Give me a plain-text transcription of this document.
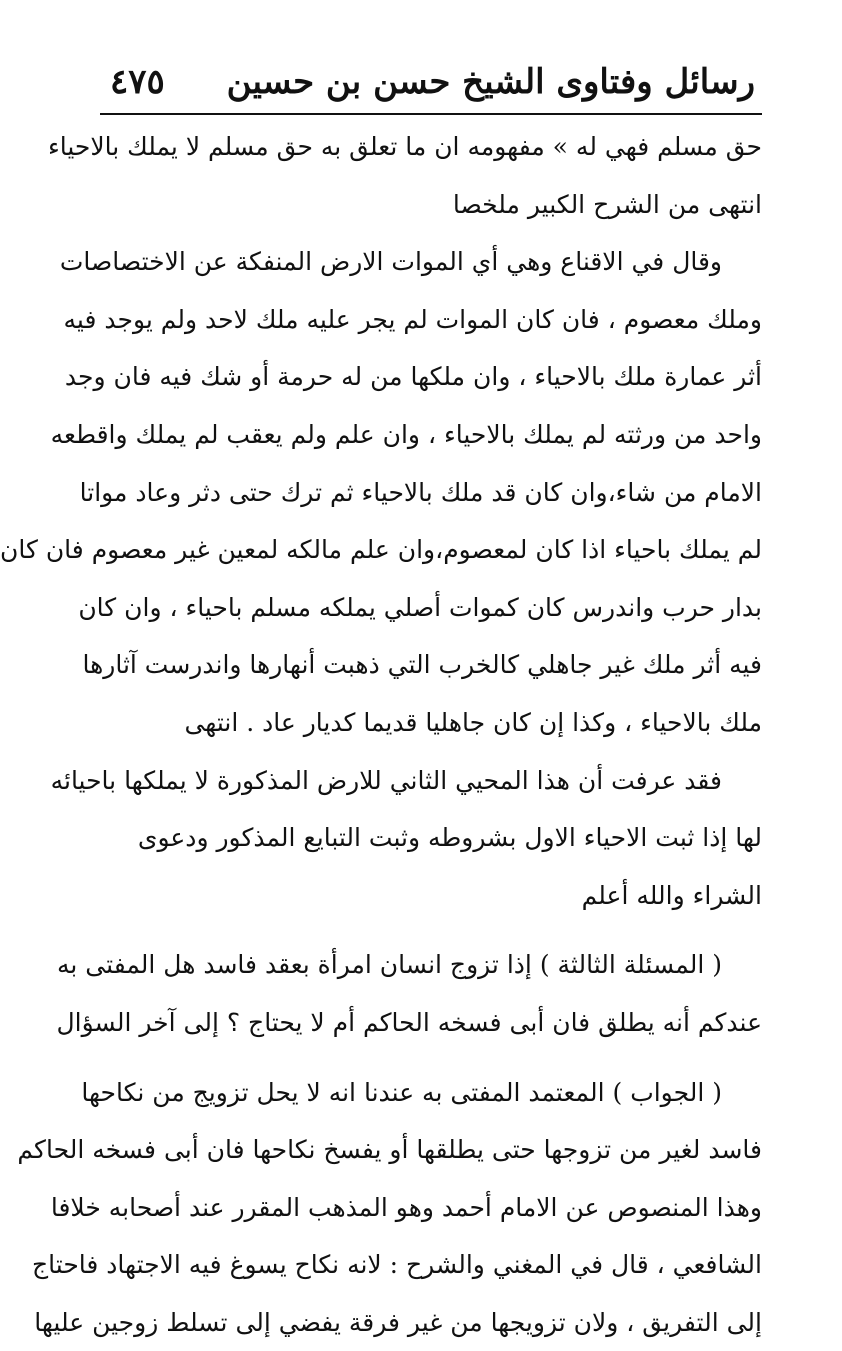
رسائل وفتاوى الشيخ حسن بن حسين
٤٧٥
حق مسلم فهي له » مفهومه ان ما تعلق به حق مسلم لا يملك بالاحياء
انتهى من الشرح الكبير ملخصا
وقال في الاقناع وهي أي الموات الارض المنفكة عن الاختصاصات
وملك معصوم ، فان كان الموات لم يجر عليه ملك لاحد ولم يوجد فيه
أثر عمارة ملك بالاحياء ، وان ملكها من له حرمة أو شك فيه فان وجد
واحد من ورثته لم يملك بالاحياء ، وان علم ولم يعقب لم يملك واقطعه
الامام من شاء،وان كان قد ملك بالاحياء ثم ترك حتى دثر وعاد مواتا
لم يملك باحياء اذا كان لمعصوم،وان علم مالكه لمعين غير معصوم فان كان
بدار حرب واندرس كان كموات أصلي يملكه مسلم باحياء ، وان كان
فيه أثر ملك غير جاهلي كالخرب التي ذهبت أنهارها واندرست آثارها
ملك بالاحياء ، وكذا إن كان جاهليا قديما كديار عاد . انتهى
فقد عرفت أن هذا المحيي الثاني للارض المذكورة لا يملكها باحيائه
لها إذا ثبت الاحياء الاول بشروطه وثبت التبايع المذكور ودعوى
الشراء والله أعلم
( المسئلة الثالثة ) إذا تزوج انسان امرأة بعقد فاسد هل المفتى به
عندكم أنه يطلق فان أبى فسخه الحاكم أم لا يحتاج ؟ إلى آخر السؤال
( الجواب ) المعتمد المفتى به عندنا انه لا يحل تزويج من نكاحها
فاسد لغير من تزوجها حتى يطلقها أو يفسخ نكاحها فان أبى فسخه الحاكم
وهذا المنصوص عن الامام أحمد وهو المذهب المقرر عند أصحابه خلافا
الشافعي ، قال في المغني والشرح : لانه نكاح يسوغ فيه الاجتهاد فاحتاج
إلى التفريق ، ولان تزويجها من غير فرقة يفضي إلى تسلط زوجين عليها
